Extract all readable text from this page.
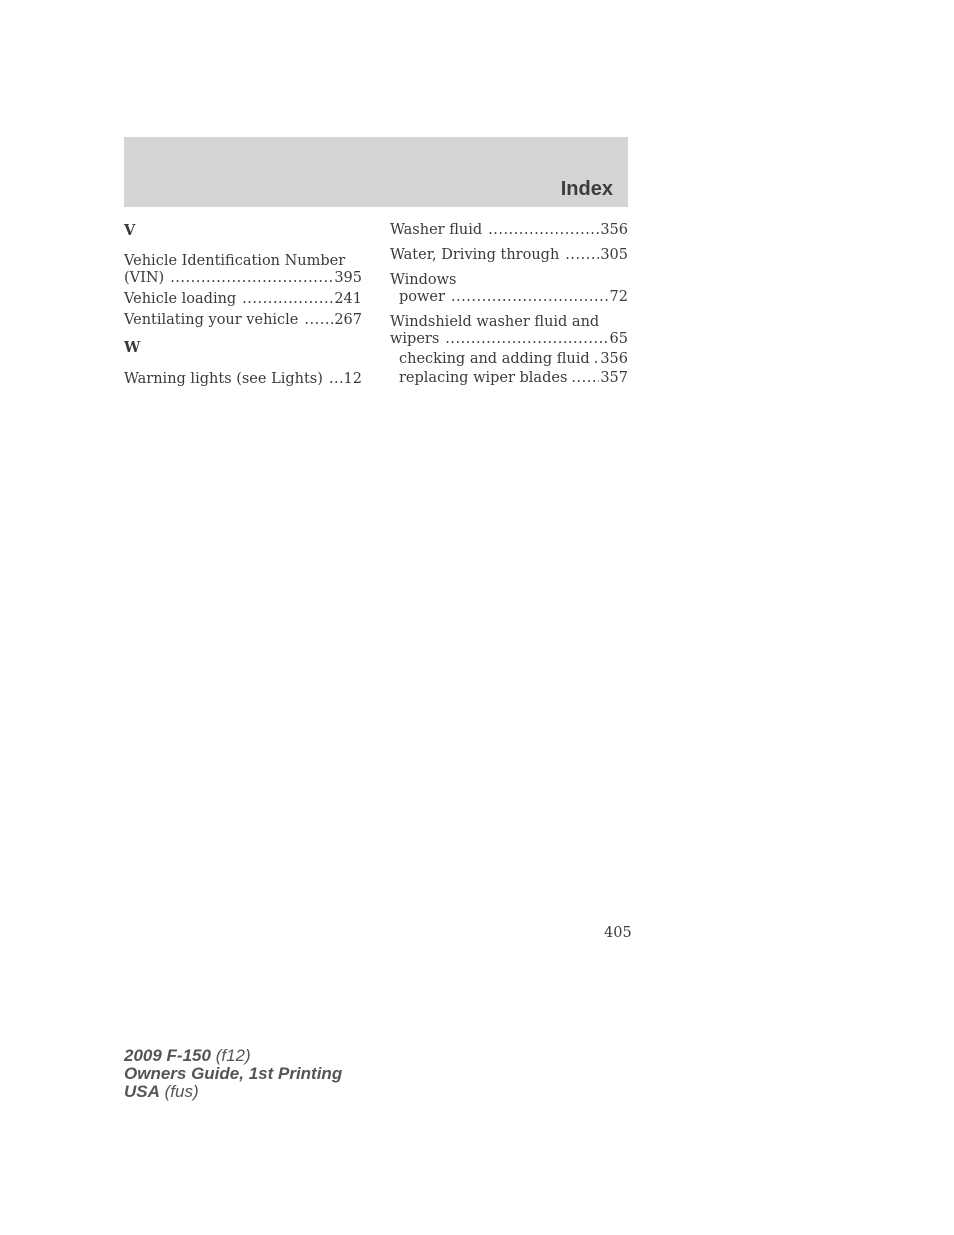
Index
V
Vehicle Identification Number
(VIN) .....	395
Vehicle loading .....	241
Ventilating your vehicle ..... 267
W
Warning lights (see Lights) ..... 12
Washer fluid .....	356
Water, Driving through .....	305
Windows
power .....	72
Windshield washer fluid and
wipers .....	65
checking and adding fluid ..... 356
replacing wiper blades ..... 357
405
2009 F-150 (f12)
Owners Guide, 1st Printing
USA (fus)
